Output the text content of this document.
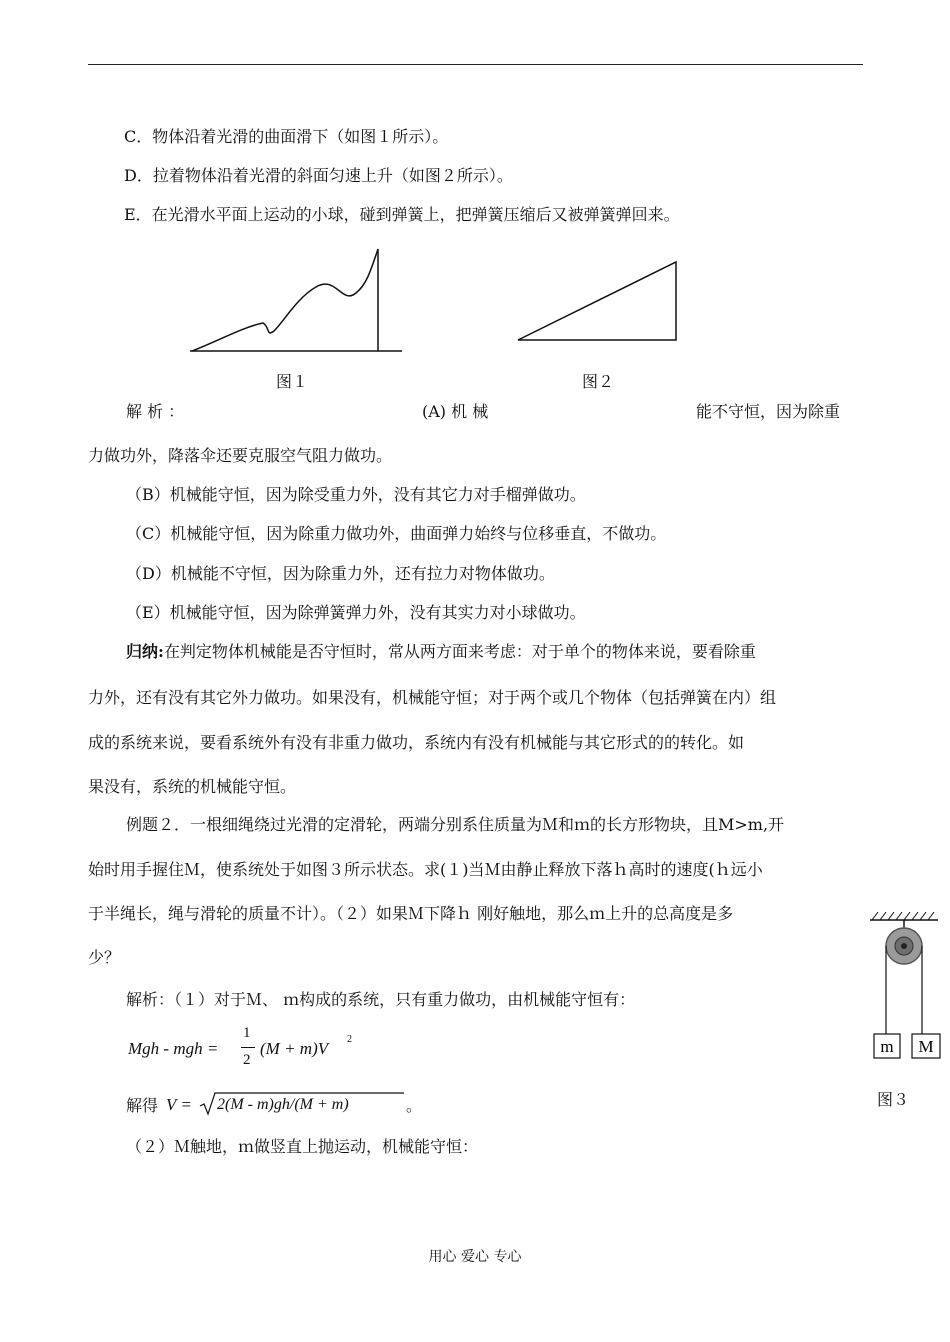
C．物体沿着光滑的曲面滑下（如图１所示）。
D．拉着物体沿着光滑的斜面匀速上升（如图２所示）。
E．在光滑水平面上运动的小球，碰到弹簧上，把弹簧压缩后又被弹簧弹回来。
图１	图２
解 析 ：	(A) 机 械	能不守恒，因为除重
力做功外，降落伞还要克服空气阻力做功。
（B）机械能守恒，因为除受重力外，没有其它力对手榴弹做功。
（C）机械能守恒，因为除重力做功外，曲面弹力始终与位移垂直，不做功。
（D）机械能不守恒，因为除重力外，还有拉力对物体做功。
（E）机械能守恒，因为除弹簧弹力外，没有其实力对小球做功。
归纳:在判定物体机械能是否守恒时，常从两方面来考虑：对于单个的物体来说，要看除重
力外，还有没有其它外力做功。如果没有，机械能守恒；对于两个或几个物体（包括弹簧在内）组
成的系统来说，要看系统外有没有非重力做功，系统内有没有机械能与其它形式的的转化。如
果没有，系统的机械能守恒。
例题２．一根细绳绕过光滑的定滑轮，两端分别系住质量为Ｍ和ｍ的长方形物块，且M>m,开
始时用手握住Ｍ，使系统处于如图３所示状态。求(１)当Ｍ由静止释放下落ｈ高时的速度(ｈ远小
于半绳长，绳与滑轮的质量不计）。（２）如果Ｍ下降ｈ 刚好触地，那么ｍ上升的总高度是多
少？
m M
图３
解析：（１）对于Ｍ、 ｍ构成的系统，只有重力做功，由机械能守恒有：
Mgh - mgh =
1
2
(M + m)V 2
解得 V = 2(M - m)gh/(M + m)	。
（２）Ｍ触地，ｍ做竖直上抛运动，机械能守恒：
用心 爱心 专心
